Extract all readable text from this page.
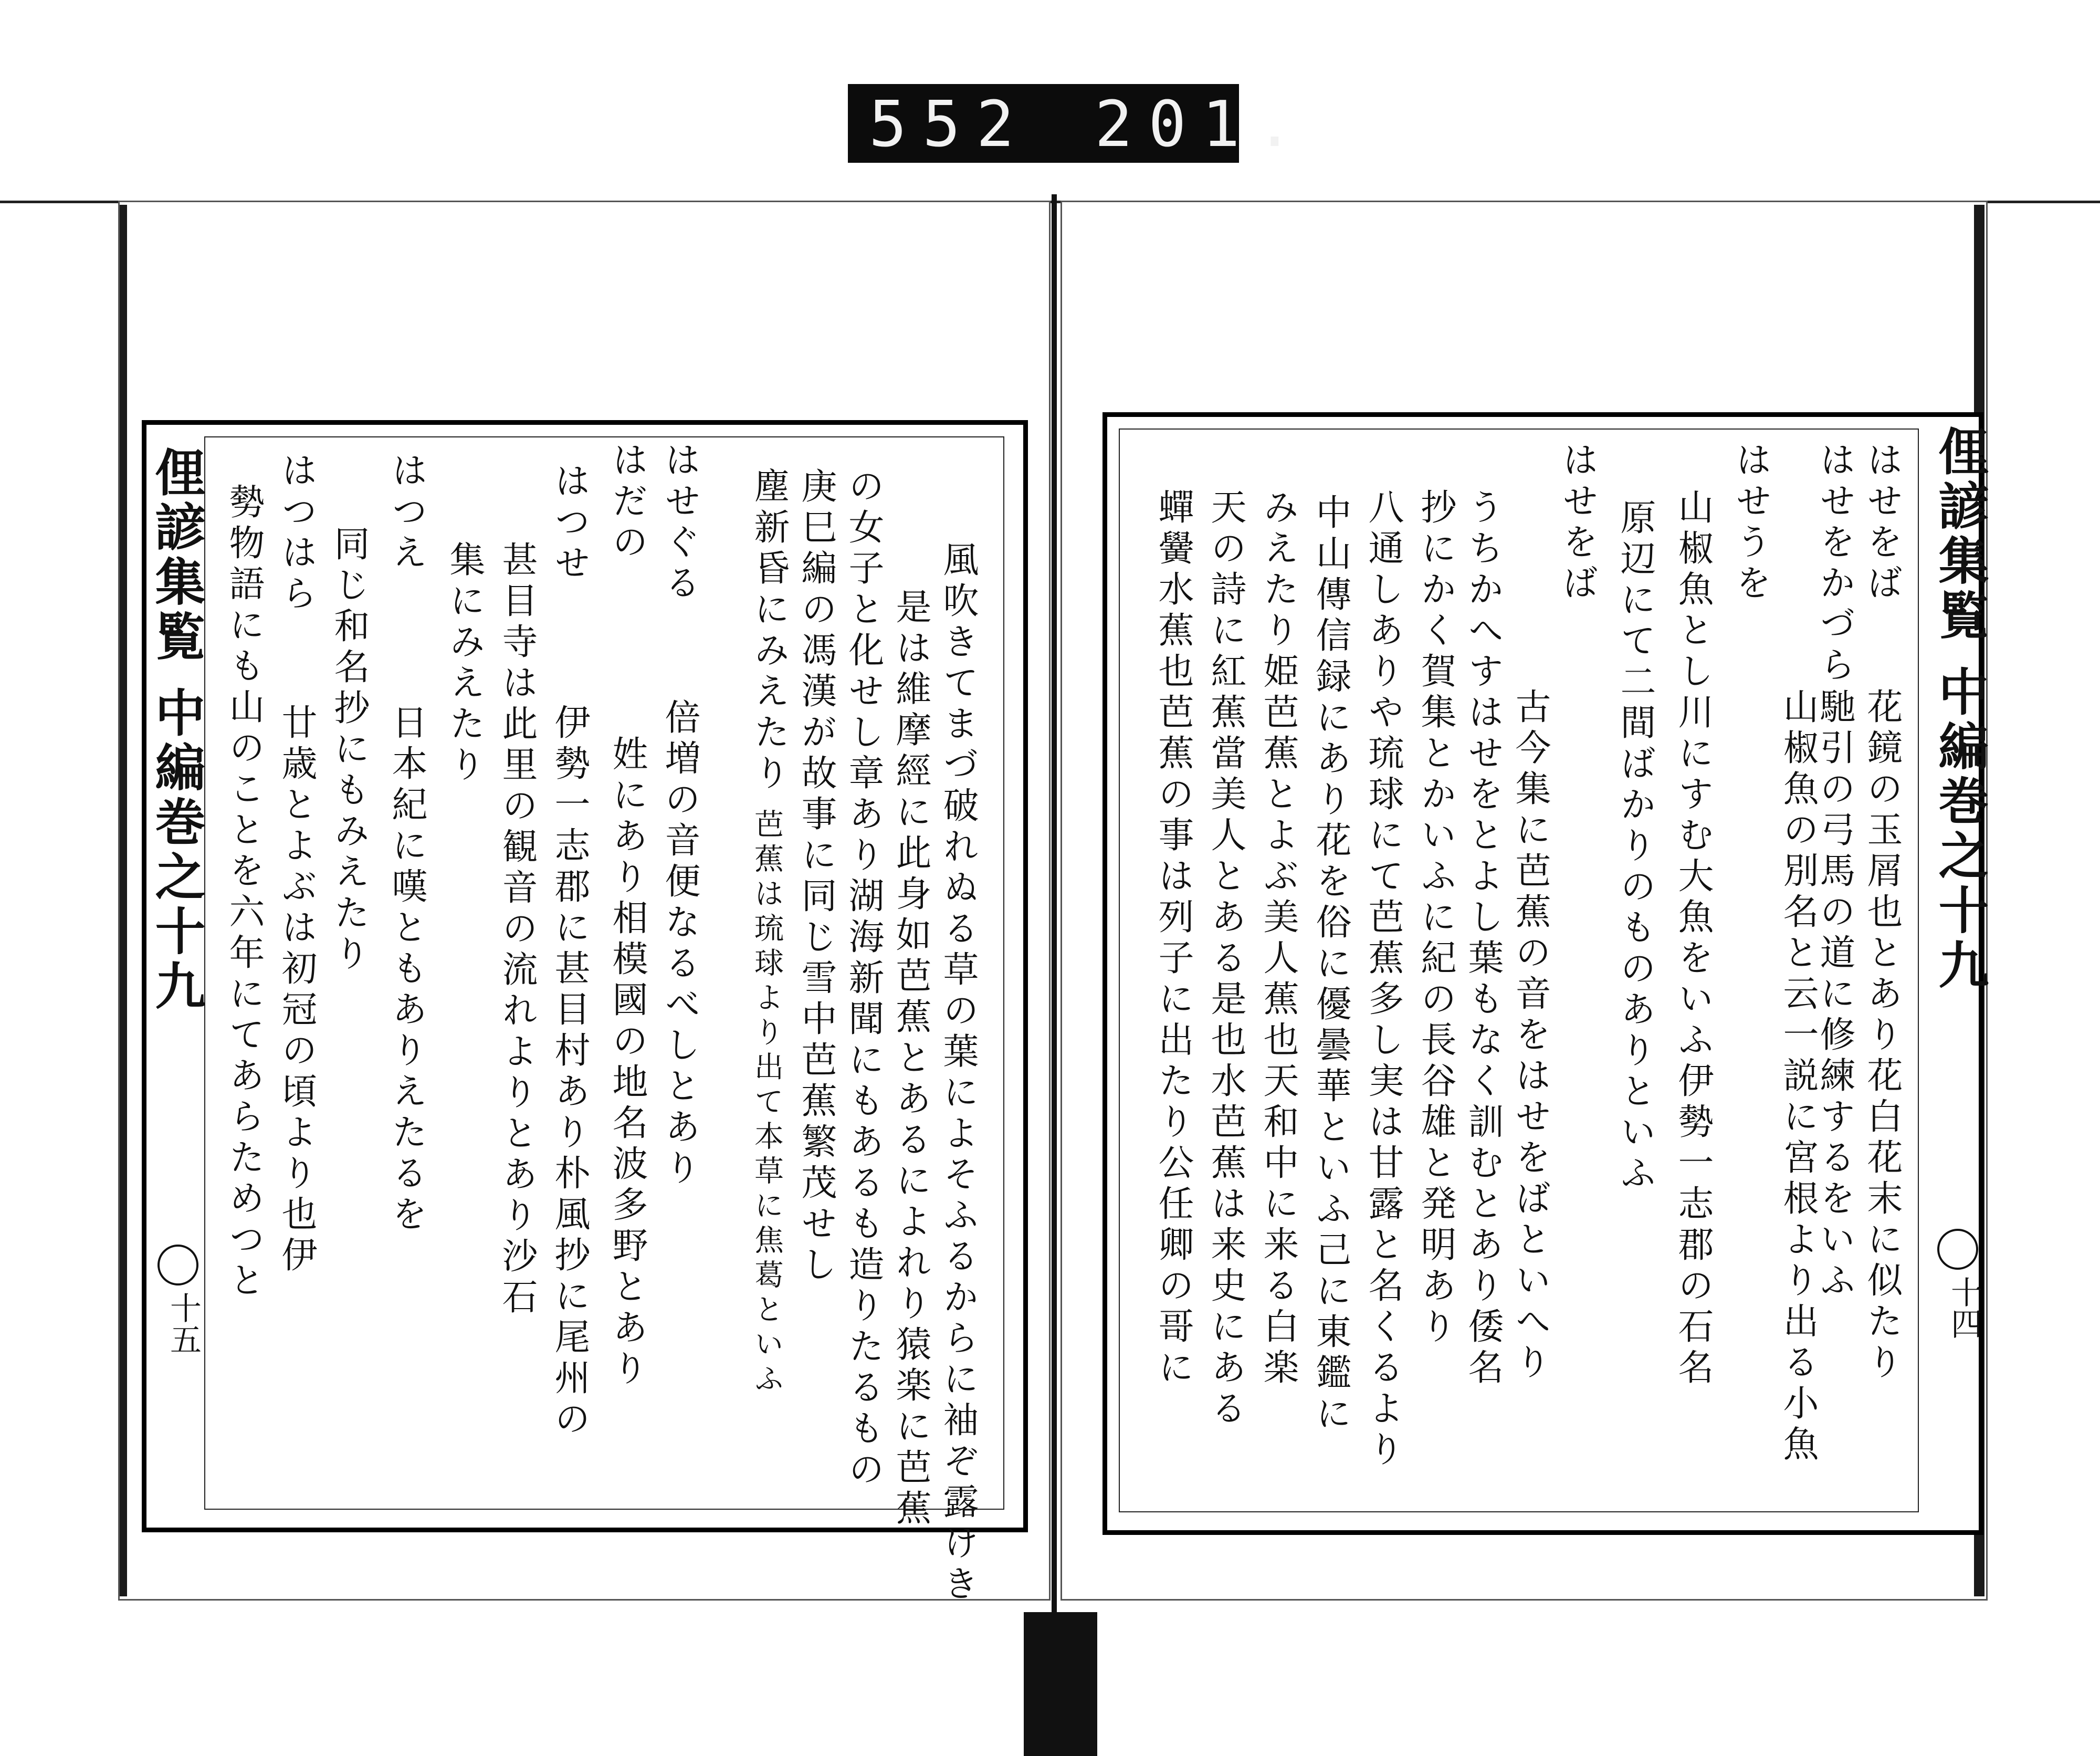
552 201.
俚諺集覧 中編巻之十九
十五	風吹きてまづ破れぬる草の葉によそふるからに袖ぞ露けき
是は維摩經に此身如芭蕉とあるによれり猿楽に芭蕉
の女子と化せし章あり湖海新聞にもあるも造りたるもの
庚巳編の馮漢が故事に同じ雪中芭蕉繁茂せし
塵新昏にみえたり
芭蕉は琉球より出て本草に焦葛といふ
はせぐる
倍増の音便なるべしとあり
はだの
姓にあり相模國の地名波多野とあり
はつせ
伊勢一志郡に甚目村あり朴風抄に尾州の
甚目寺は此里の観音の流れよりとあり沙石
集にみえたり
はつえ
日本紀に嘆ともありえたるを
同じ和名抄にもみえたり
はつはら
廿歳とよぶは初冠の頃より也伊
勢物語にも山のことを六年にてあらためつと	俚諺集覧 中編巻之十九
十四
はせをば
はせをかづら
花鏡の玉屑也とあり花白花末に似たり
馳引の弓馬の道に修練するをいふ
はせうを
山椒魚の別名と云一説に宮根より出る小魚
山椒魚とし川にすむ大魚をいふ伊勢一志郡の石名
原辺にて二間ばかりのものありといふ
はせをば
古今集に芭蕉の音をはせをばといへり
うちかへすはせをとよし葉もなく訓むとあり倭名
抄にかく賀集とかいふに紀の長谷雄と発明あり
八通しありや琉球にて芭蕉多し実は甘露と名くるより
中山傳信録にあり花を俗に優曇華といふ己に東鑑に
みえたり姫芭蕉とよぶ美人蕉也天和中に来る白楽
天の詩に紅蕉當美人とある是也水芭蕉は来史にある
蟬黌水蕉也芭蕉の事は列子に出たり公任卿の哥に
